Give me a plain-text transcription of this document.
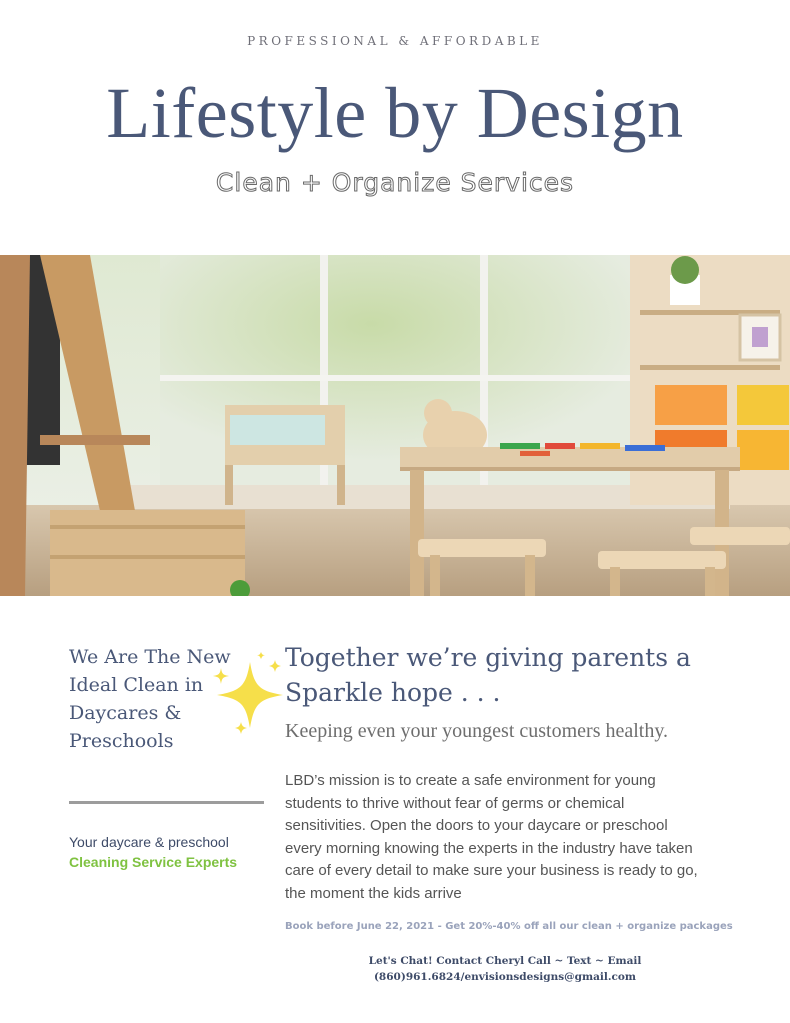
PROFESSIONAL & AFFORDABLE
Lifestyle by Design
Clean + Organize Services
We Are The New
Ideal Clean in
Daycares &
Preschools
Your daycare & preschool
Cleaning Service Experts
Together we’re giving parents a
Sparkle hope . . .
Keeping even your youngest customers healthy.
LBD’s mission is to create a safe environment for young
students to thrive without fear of germs or chemical
sensitivities. Open the doors to your daycare or preschool
every morning knowing the experts in the industry have taken
care of every detail to make sure your business is ready to go,
the moment the kids arrive
Book before June 22, 2021 - Get 20%-40% off all our clean + organize packages
Let's Chat! Contact Cheryl Call ~ Text ~ Email
(860)961.6824/envisionsdesigns@gmail.com
